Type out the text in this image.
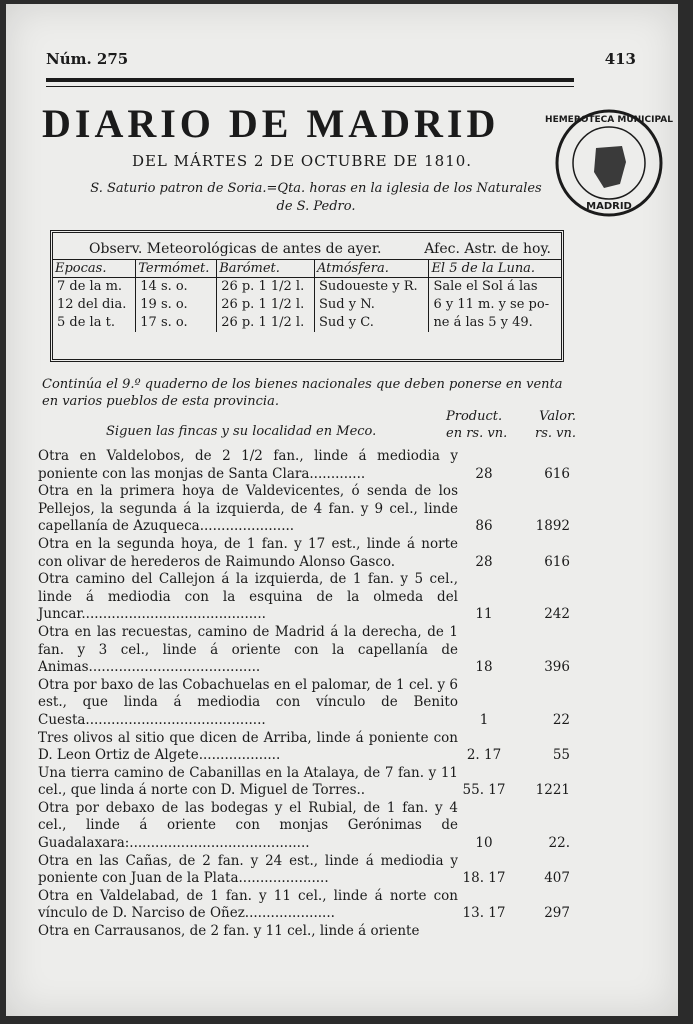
Núm. 275	413
DIARIO DE MADRID
DEL MÁRTES 2 DE OCTUBRE DE 1810.
S. Saturio patron de Soria.=Qta. horas en la iglesia de los Naturales
de S. Pedro.
HEMEROTECA MUNICIPAL
MADRID
Observ. Meteorológicas de antes de ayer.	Afec. Astr. de hoy.
Epocas.	Termómet.	Barómet.	Atmósfera.	El 5 de la Luna.
7 de la m.	14 s. o.	26 p. 1 1/2 l.	Sudoueste y R.	Sale el Sol á las
12 del dia.	19 s. o.	26 p. 1 1/2 l.	Sud y N.	6 y 11 m. y se po-
5 de la t.	17 s. o.	26 p. 1 1/2 l.	Sud y C.	ne á las 5 y 49.
Continúa el 9.º quaderno de los bienes nacionales que deben ponerse en venta en varios pueblos de esta provincia.
Product.	Valor.
en rs. vn. rs. vn.
Siguen las fincas y su localidad en Meco.
Otra en Valdelobos, de 2 1/2 fan., linde á mediodia y poniente con las monjas de Santa Clara.............	28	616
Otra en la primera hoya de Valdevicentes, ó senda de los Pellejos, la segunda á la izquierda, de 4 fan. y 9 cel., linde capellanía de Azuqueca......................	86	1892
Otra en la segunda hoya, de 1 fan. y 17 est., linde á norte con olivar de herederos de Raimundo Alonso Gasco.	28	616
Otra camino del Callejon á la izquierda, de 1 fan. y 5 cel., linde á mediodia con la esquina de la olmeda del Juncar...........................................	11	242
Otra en las recuestas, camino de Madrid á la derecha, de 1 fan. y 3 cel., linde á oriente con la capellanía de Animas........................................	18	396
Otra por baxo de las Cobachuelas en el palomar, de 1 cel. y 6 est., que linda á mediodia con vínculo de Benito Cuesta..........................................	1	22
Tres olivos al sitio que dicen de Arriba, linde á poniente con D. Leon Ortiz de Algete...................	2. 17	55
Una tierra camino de Cabanillas en la Atalaya, de 7 fan. y 11 cel., que linda á norte con D. Miguel de Torres..	55. 17	1221
Otra por debaxo de las bodegas y el Rubial, de 1 fan. y 4 cel., linde á oriente con monjas Gerónimas de Guadalaxara:..........................................	10	22.
Otra en las Cañas, de 2 fan. y 24 est., linde á mediodia y poniente con Juan de la Plata.....................	18. 17	407
Otra en Valdelabad, de 1 fan. y 11 cel., linde á norte con vínculo de D. Narciso de Oñez.....................	13. 17	297
Otra en Carrausanos, de 2 fan. y 11 cel., linde á oriente
